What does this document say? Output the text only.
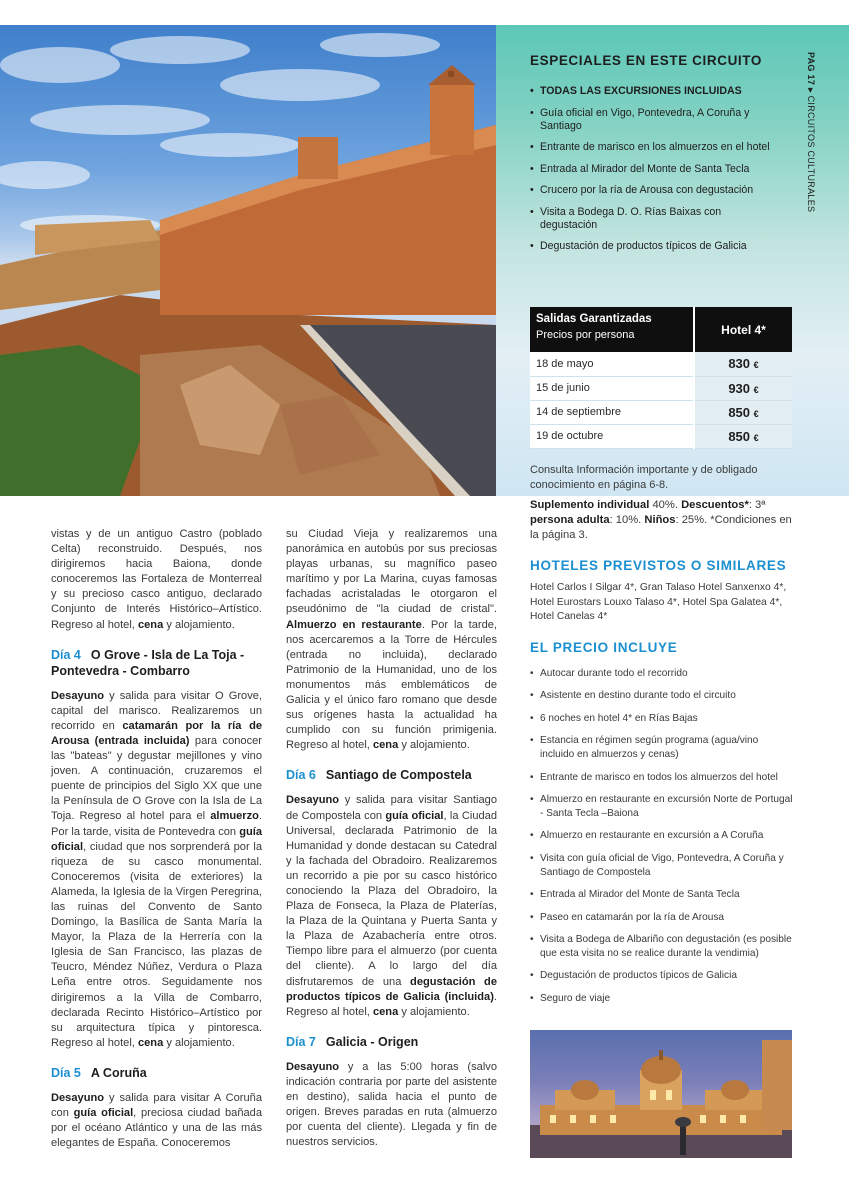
ESPECIALES EN ESTE CIRCUITO
• TODAS LAS EXCURSIONES INCLUIDAS
• Guía oficial en Vigo, Pontevedra, A Coruña y Santiago
• Entrante de marisco en los almuerzos en el hotel
• Entrada al Mirador del Monte de Santa Tecla
• Crucero por la ría de Arousa con degustación
• Visita a Bodega D. O. Rías Baixas con degustación
• Degustación de productos típicos de Galicia
PAG 17 ▸ CIRCUITOS CULTURALES
Salidas Garantizadas
Precios por persona	Hotel 4*
18 de mayo	830 €
15 de junio	930 €
14 de septiembre	850 €
19 de octubre	850 €

vistas y de un antiguo Castro (poblado Celta) reconstruido. Después, nos dirigiremos hacia Baiona, donde conoceremos las Fortaleza de Monterreal y su precioso casco antiguo, declarado Conjunto de Interés Histórico–Artístico. Regreso al hotel, cena y alojamiento.

Día 4 O Grove - Isla de La Toja - Pontevedra - Combarro

Desayuno y salida para visitar O Grove, capital del marisco. Realizaremos un recorrido en catamarán por la ría de Arousa (entrada incluida) para conocer las "bateas" y degustar mejillones y vino joven. A continuación, cruzaremos el puente de principios del Siglo XX que une la Península de O Grove con la Isla de La Toja. Regreso al hotel para el almuerzo. Por la tarde, visita de Pontevedra con guía oficial, ciudad que nos sorprenderá por la riqueza de su casco monumental. Conoceremos (visita de exteriores) la Alameda, la Iglesia de la Virgen Peregrina, las ruinas del Convento de Santo Domingo, la Basílica de Santa María la Mayor, la Plaza de la Herrería con la Iglesia de San Francisco, las plazas de Teucro, Méndez Núñez, Verdura o Plaza Leña entre otros. Seguidamente nos dirigiremos a la Villa de Combarro, declarada Recinto Histórico–Artístico por su arquitectura típica y pintoresca. Regreso al hotel, cena y alojamiento.

Día 5 A Coruña

Desayuno y salida para visitar A Coruña con guía oficial, preciosa ciudad bañada por el océano Atlántico y una de las más elegantes de España. Conoceremos

su Ciudad Vieja y realizaremos una panorámica en autobús por sus preciosas playas urbanas, su magnífico paseo marítimo y por La Marina, cuyas famosas fachadas acristaladas le otorgaron el pseudónimo de "la ciudad de cristal". Almuerzo en restaurante. Por la tarde, nos acercaremos a la Torre de Hércules (entrada no incluida), declarado Patrimonio de la Humanidad, uno de los monumentos más emblemáticos de Galicia y el único faro romano que desde sus orígenes hasta la actualidad ha cumplido con su función primigenia. Regreso al hotel, cena y alojamiento.

Día 6 Santiago de Compostela

Desayuno y salida para visitar Santiago de Compostela con guía oficial, la Ciudad Universal, declarada Patrimonio de la Humanidad y donde destacan su Catedral y la fachada del Obradoiro. Realizaremos un recorrido a pie por su casco histórico conociendo la Plaza del Obradoiro, la Plaza de Fonseca, la Plaza de Platerías, la Plaza de la Quintana y Puerta Santa y la Plaza de Azabachería entre otros. Tiempo libre para el almuerzo (por cuenta del cliente). A lo largo del día disfrutaremos de una degustación de productos típicos de Galicia (incluida). Regreso al hotel, cena y alojamiento.

Día 7 Galicia - Origen

Desayuno y a las 5:00 horas (salvo indicación contraria por parte del asistente en destino), salida hacia el punto de origen. Breves paradas en ruta (almuerzo por cuenta del cliente). Llegada y fin de nuestros servicios.

Consulta Información importante y de obligado conocimiento en página 6-8.

Suplemento individual 40%. Descuentos*: 3ª persona adulta: 10%. Niños: 25%. *Condiciones en la página 3.

HOTELES PREVISTOS O SIMILARES

Hotel Carlos I Silgar 4*, Gran Talaso Hotel Sanxenxo 4*, Hotel Eurostars Louxo Talaso 4*, Hotel Spa Galatea 4*, Hotel Canelas 4*

EL PRECIO INCLUYE
• Autocar durante todo el recorrido
• Asistente en destino durante todo el circuito
• 6 noches en hotel 4* en Rías Bajas
• Estancia en régimen según programa (agua/vino incluido en almuerzos y cenas)
• Entrante de marisco en todos los almuerzos del hotel
• Almuerzo en restaurante en excursión Norte de Portugal - Santa Tecla –Baiona
• Almuerzo en restaurante en excursión a A Coruña
• Visita con guía oficial de Vigo, Pontevedra, A Coruña y Santiago de Compostela
• Entrada al Mirador del Monte de Santa Tecla
• Paseo en catamarán por la ría de Arousa
• Visita a Bodega de Albariño con degustación (es posible que esta visita no se realice durante la vendimia)
• Degustación de productos típicos de Galicia
• Seguro de viaje
